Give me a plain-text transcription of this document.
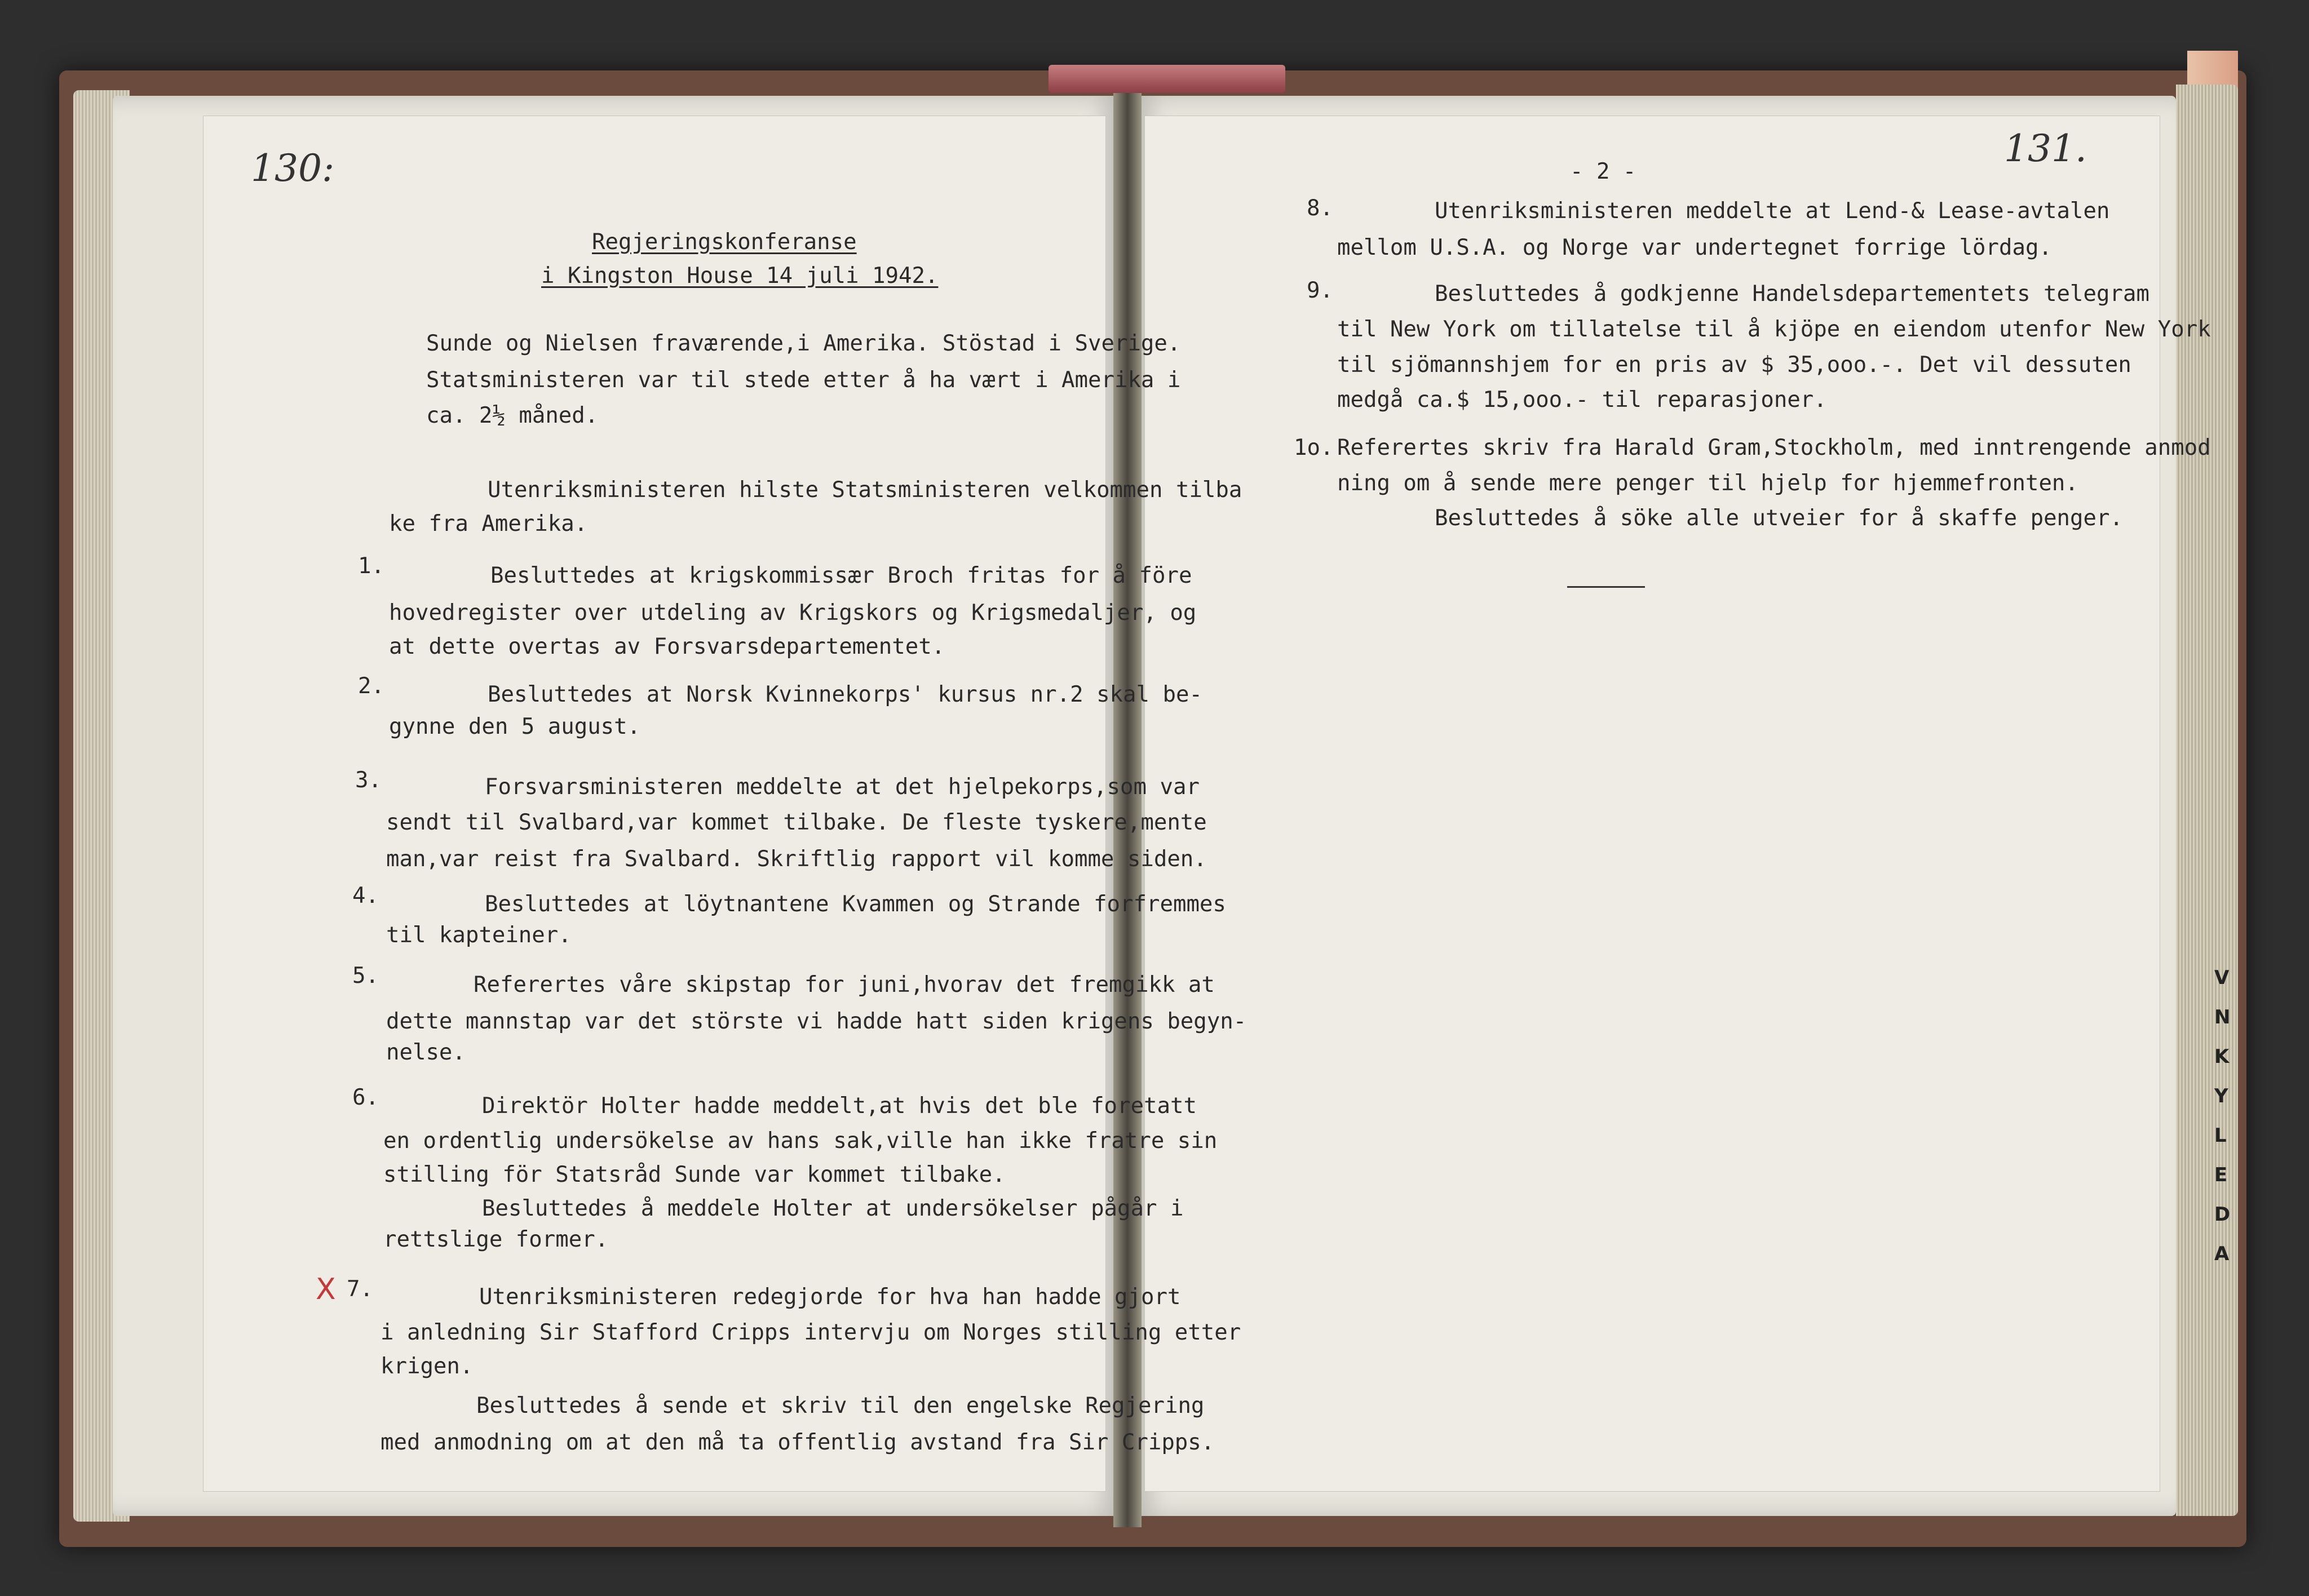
130:
Regjeringskonferanse
i Kingston House 14 juli 1942.
Sunde og Nielsen fraværende,i Amerika. Stöstad i Sverige.
Statsministeren var til stede etter å ha vært i Amerika i
ca. 2½ måned.
Utenriksministeren hilste Statsministeren velkommen tilba
ke fra Amerika.
1.	Besluttedes at krigskommissær Broch fritas for å före
hovedregister over utdeling av Krigskors og Krigsmedaljer, og
at dette overtas av Forsvarsdepartementet.
2.	Besluttedes at Norsk Kvinnekorps' kursus nr.2 skal be-
gynne den 5 august.
3.	Forsvarsministeren meddelte at det hjelpekorps,som var
sendt til Svalbard,var kommet tilbake. De fleste tyskere,mente
man,var reist fra Svalbard. Skriftlig rapport vil komme siden.
4.	Besluttedes at löytnantene Kvammen og Strande forfremmes
til kapteiner.
5.	Referertes våre skipstap for juni,hvorav det fremgikk at
dette mannstap var det störste vi hadde hatt siden krigens begyn-
nelse.
6.	Direktör Holter hadde meddelt,at hvis det ble foretatt
en ordentlig undersökelse av hans sak,ville han ikke fratre sin
stilling för Statsråd Sunde var kommet tilbake.
Besluttedes å meddele Holter at undersökelser pågår i
rettslige former.
X 7.	Utenriksministeren redegjorde for hva han hadde gjort
i anledning Sir Stafford Cripps intervju om Norges stilling etter
krigen.
Besluttedes å sende et skriv til den engelske Regjering
med anmodning om at den må ta offentlig avstand fra Sir Cripps.
- 2 -
131.
8.	Utenriksministeren meddelte at Lend-& Lease-avtalen
mellom U.S.A. og Norge var undertegnet forrige lördag.
9.	Besluttedes å godkjenne Handelsdepartementets telegram
til New York om tillatelse til å kjöpe en eiendom utenfor New York
til sjömannshjem for en pris av $ 35,ooo.-. Det vil dessuten
medgå ca.$ 15,ooo.- til reparasjoner.
1o. Referertes skriv fra Harald Gram,Stockholm, med inntrengende anmod
ning om å sende mere penger til hjelp for hjemmefronten.
Besluttedes å söke alle utveier for å skaffe penger.
V
N
K
Y
L
E
D
A
